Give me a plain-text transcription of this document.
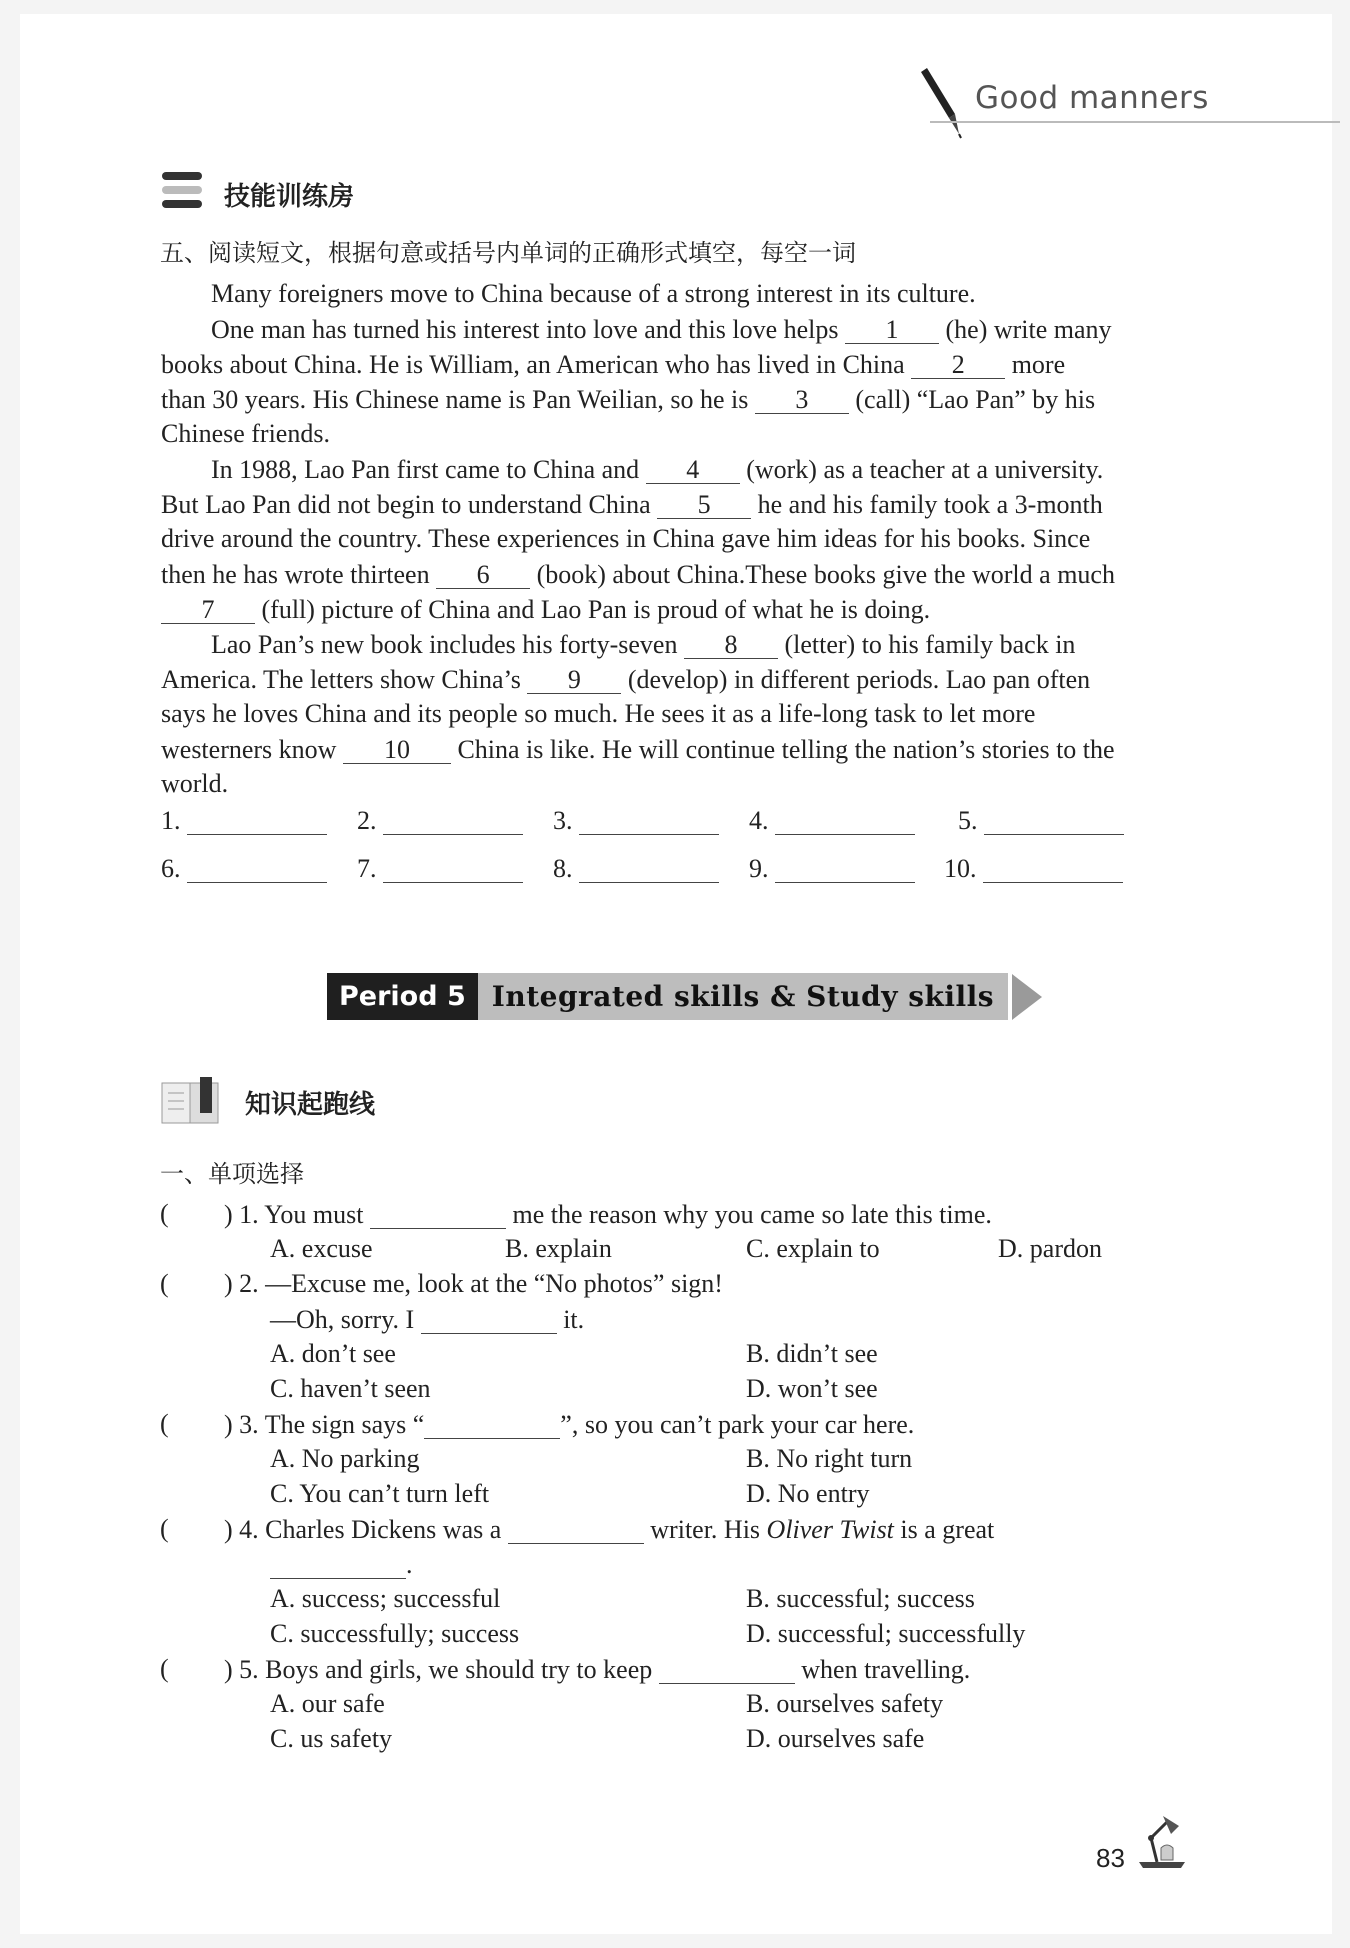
Good manners
技能训练房
五、阅读短文，根据句意或括号内单词的正确形式填空，每空一词
Many foreigners move to China because of a strong interest in its culture.
One man has turned his interest into love and this love helps 1 (he) write many
books about China. He is William, an American who has lived in China 2 more
than 30 years. His Chinese name is Pan Weilian, so he is 3 (call) “Lao Pan” by his
Chinese friends.
In 1988, Lao Pan first came to China and 4 (work) as a teacher at a university.
But Lao Pan did not begin to understand China 5 he and his family took a 3-month
drive around the country. These experiences in China gave him ideas for his books. Since
then he has wrote thirteen 6 (book) about China.These books give the world a much
7 (full) picture of China and Lao Pan is proud of what he is doing.
Lao Pan’s new book includes his forty-seven 8 (letter) to his family back in
America. The letters show China’s 9 (develop) in different periods. Lao pan often
says he loves China and its people so much. He sees it as a life-long task to let more
westerners know 10 China is like. He will continue telling the nation’s stories to the
world.
1.	2.	3.	4.	5.
6.	7.	8.	9.	10.
Period 5 Integrated skills & Study skills
知识起跑线
一、单项选择
( ) 1. You must	me the reason why you came so late this time.
A. excuse	B. explain	C. explain to	D. pardon
( ) 2. —Excuse me, look at the “No photos” sign!
—Oh, sorry. I	it.
A. don’t see	B. didn’t see
C. haven’t seen	D. won’t see
( ) 3. The sign says “	”, so you can’t park your car here.
A. No parking	B. No right turn
C. You can’t turn left	D. No entry
( ) 4. Charles Dickens was a	writer. His Oliver Twist is a great
.
A. success; successful	B. successful; success
C. successfully; success	D. successful; successfully
( ) 5. Boys and girls, we should try to keep	when travelling.
A. our safe	B. ourselves safety
C. us safety	D. ourselves safe
83
